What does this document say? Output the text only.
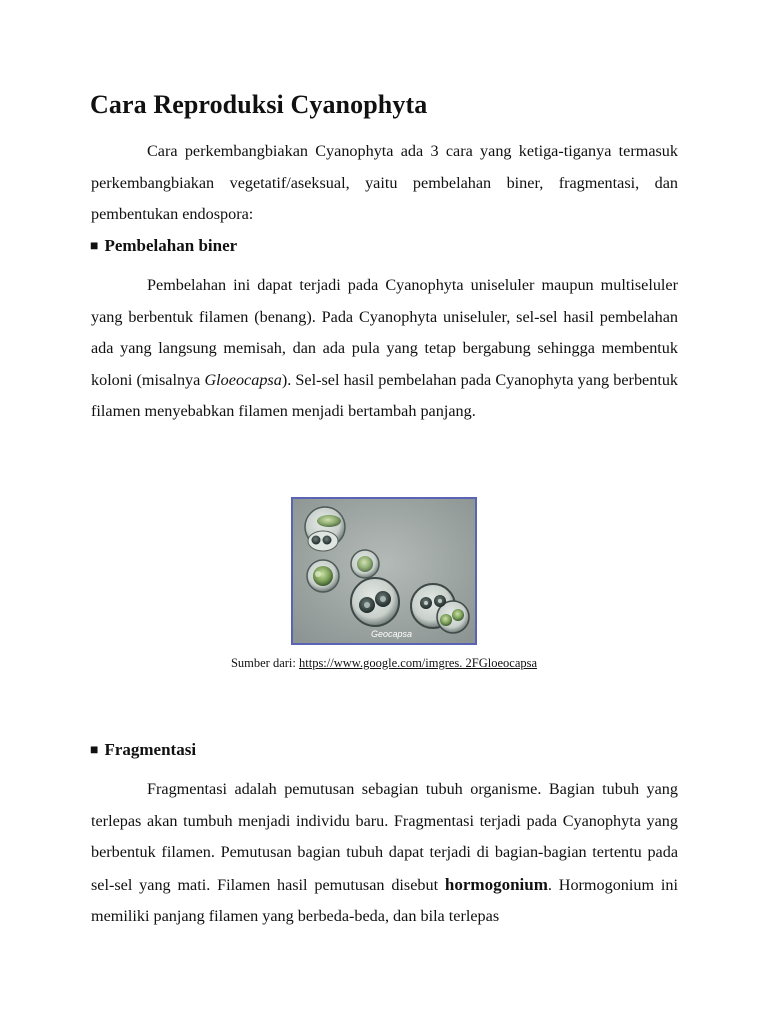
Cara Reproduksi Cyanophyta

Cara perkembangbiakan Cyanophyta ada 3 cara yang ketiga-tiganya termasuk perkembangbiakan vegetatif/aseksual, yaitu pembelahan biner, fragmentasi, dan pembentukan endospora:

■ Pembelahan biner

Pembelahan ini dapat terjadi pada Cyanophyta uniseluler maupun multiseluler yang berbentuk filamen (benang). Pada Cyanophyta uniseluler, sel-sel hasil pembelahan ada yang langsung memisah, dan ada pula yang tetap bergabung sehingga membentuk koloni (misalnya Gloeocapsa). Sel-sel hasil pembelahan pada Cyanophyta yang berbentuk filamen menyebabkan filamen menjadi bertambah panjang.

Geocapsa
Sumber dari: https://www.google.com/imgres. 2FGloeocapsa
■ Fragmentasi

Fragmentasi adalah pemutusan sebagian tubuh organisme. Bagian tubuh yang terlepas akan tumbuh menjadi individu baru. Fragmentasi terjadi pada Cyanophyta yang berbentuk filamen. Pemutusan bagian tubuh dapat terjadi di bagian-bagian tertentu pada sel-sel yang mati. Filamen hasil pemutusan disebut hormogonium. Hormogonium ini memiliki panjang filamen yang berbeda-beda, dan bila terlepas
